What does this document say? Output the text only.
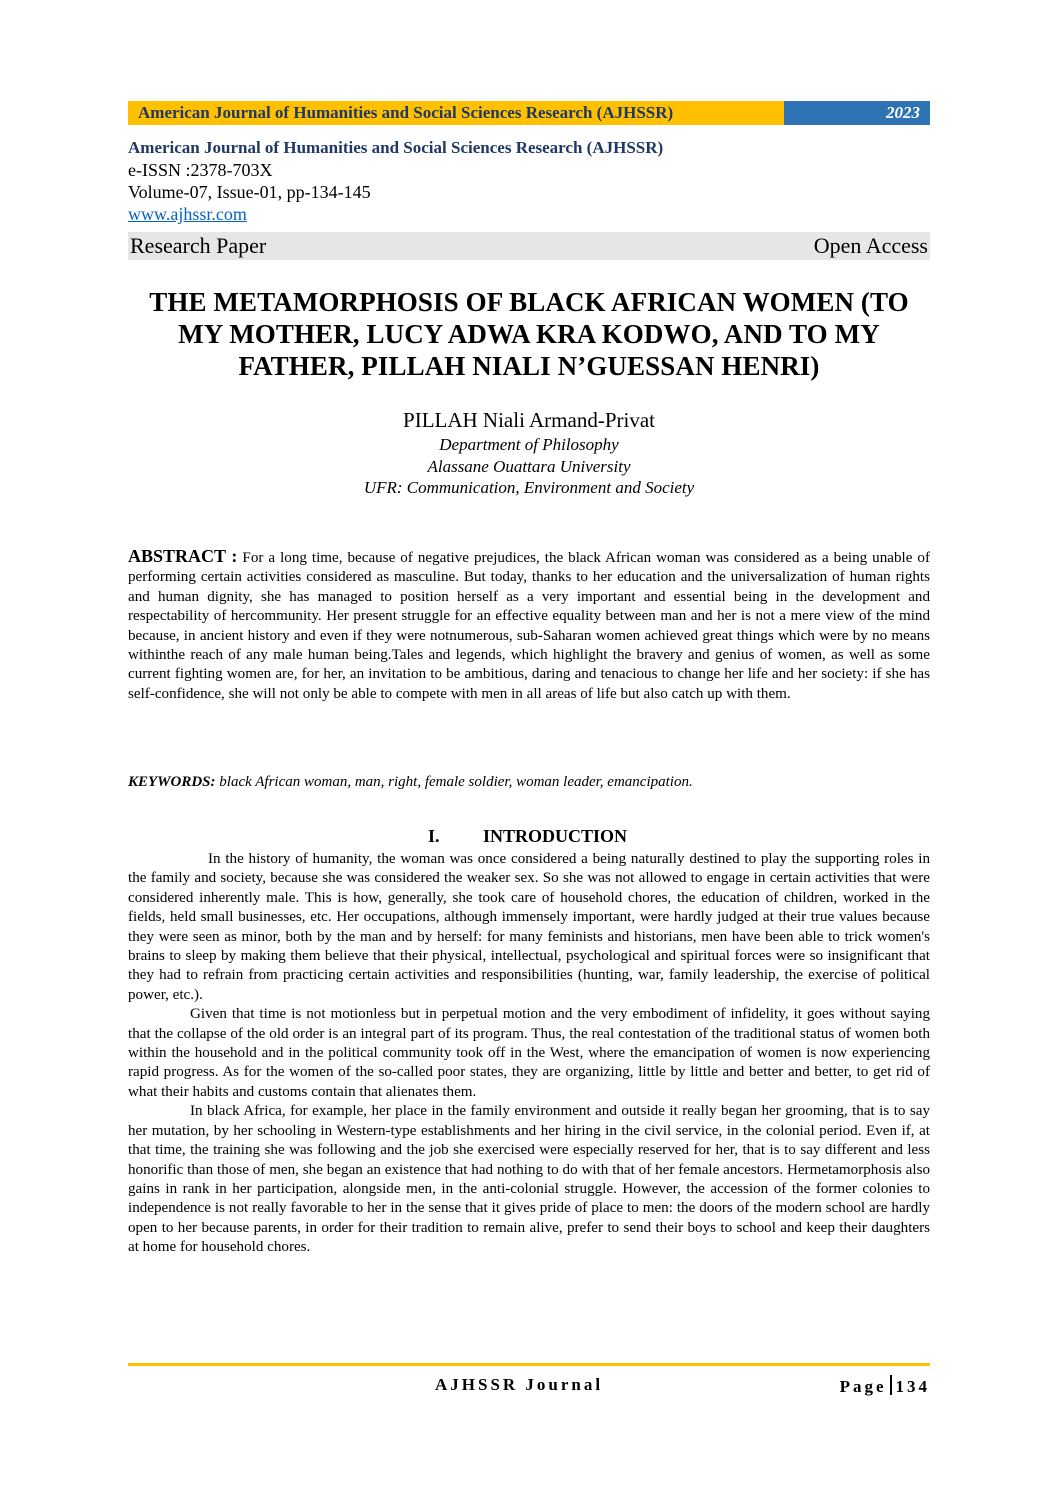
American Journal of Humanities and Social Sciences Research (AJHSSR)	2023
American Journal of Humanities and Social Sciences Research (AJHSSR)
e-ISSN :2378-703X
Volume-07, Issue-01, pp-134-145
www.ajhssr.com
Research Paper	Open Access
THE METAMORPHOSIS OF BLACK AFRICAN WOMEN (TO
MY MOTHER, LUCY ADWA KRA KODWO, AND TO MY
FATHER, PILLAH NIALI N’GUESSAN HENRI)
PILLAH Niali Armand-Privat
Department of Philosophy
Alassane Ouattara University
UFR: Communication, Environment and Society
ABSTRACT : For a long time, because of negative prejudices, the black African woman was considered as a being unable of performing certain activities considered as masculine. But today, thanks to her education and the universalization of human rights and human dignity, she has managed to position herself as a very important and essential being in the development and respectability of hercommunity. Her present struggle for an effective equality between man and her is not a mere view of the mind because, in ancient history and even if they were notnumerous, sub-Saharan women achieved great things which were by no means withinthe reach of any male human being.Tales and legends, which highlight the bravery and genius of women, as well as some current fighting women are, for her, an invitation to be ambitious, daring and tenacious to change her life and her society: if she has self-confidence, she will not only be able to compete with men in all areas of life but also catch up with them.
KEYWORDS: black African woman, man, right, female soldier, woman leader, emancipation.
I. INTRODUCTION

In the history of humanity, the woman was once considered a being naturally destined to play the supporting roles in the family and society, because she was considered the weaker sex. So she was not allowed to engage in certain activities that were considered inherently male. This is how, generally, she took care of household chores, the education of children, worked in the fields, held small businesses, etc. Her occupations, although immensely important, were hardly judged at their true values because they were seen as minor, both by the man and by herself: for many feminists and historians, men have been able to trick women's brains to sleep by making them believe that their physical, intellectual, psychological and spiritual forces were so insignificant that they had to refrain from practicing certain activities and responsibilities (hunting, war, family leadership, the exercise of political power, etc.).

Given that time is not motionless but in perpetual motion and the very embodiment of infidelity, it goes without saying that the collapse of the old order is an integral part of its program. Thus, the real contestation of the traditional status of women both within the household and in the political community took off in the West, where the emancipation of women is now experiencing rapid progress. As for the women of the so-called poor states, they are organizing, little by little and better and better, to get rid of what their habits and customs contain that alienates them.

In black Africa, for example, her place in the family environment and outside it really began her grooming, that is to say her mutation, by her schooling in Western-type establishments and her hiring in the civil service, in the colonial period. Even if, at that time, the training she was following and the job she exercised were especially reserved for her, that is to say different and less honorific than those of men, she began an existence that had nothing to do with that of her female ancestors. Hermetamorphosis also gains in rank in her participation, alongside men, in the anti-colonial struggle. However, the accession of the former colonies to independence is not really favorable to her in the sense that it gives pride of place to men: the doors of the modern school are hardly open to her because parents, in order for their tradition to remain alive, prefer to send their boys to school and keep their daughters at home for household chores.

AJHSSR Journal	Page 134
